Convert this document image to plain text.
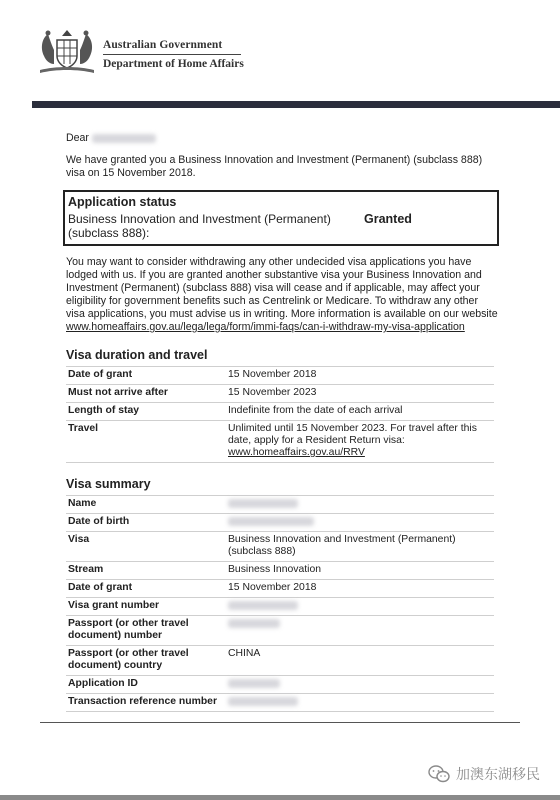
Australian Government
Department of Home Affairs

Dear

We have granted you a Business Innovation and Investment (Permanent) (subclass 888) visa on 15 November 2018.

Application status
Business Innovation and Investment (Permanent) (subclass 888):
Granted

You may want to consider withdrawing any other undecided visa applications you have lodged with us. If you are granted another substantive visa your Business Innovation and Investment (Permanent) (subclass 888) visa will cease and if applicable, may affect your eligibility for government benefits such as Centrelink or Medicare. To withdraw any other visa applications, you must advise us in writing. More information is available on our website www.homeaffairs.gov.au/lega/lega/form/immi-faqs/can-i-withdraw-my-visa-application

Visa duration and travel
Date of grant	15 November 2018
Must not arrive after	15 November 2023
Length of stay	Indefinite from the date of each arrival
Travel	Unlimited until 15 November 2023. For travel after this date, apply for a Resident Return visa:
www.homeaffairs.gov.au/RRV
Visa summary
Name	
Date of birth	
Visa	Business Innovation and Investment (Permanent) (subclass 888)
Stream	Business Innovation
Date of grant	15 November 2018
Visa grant number	
Passport (or other travel document) number	
Passport (or other travel document) country	CHINA
Application ID	
Transaction reference number	
加澳东湖移民
